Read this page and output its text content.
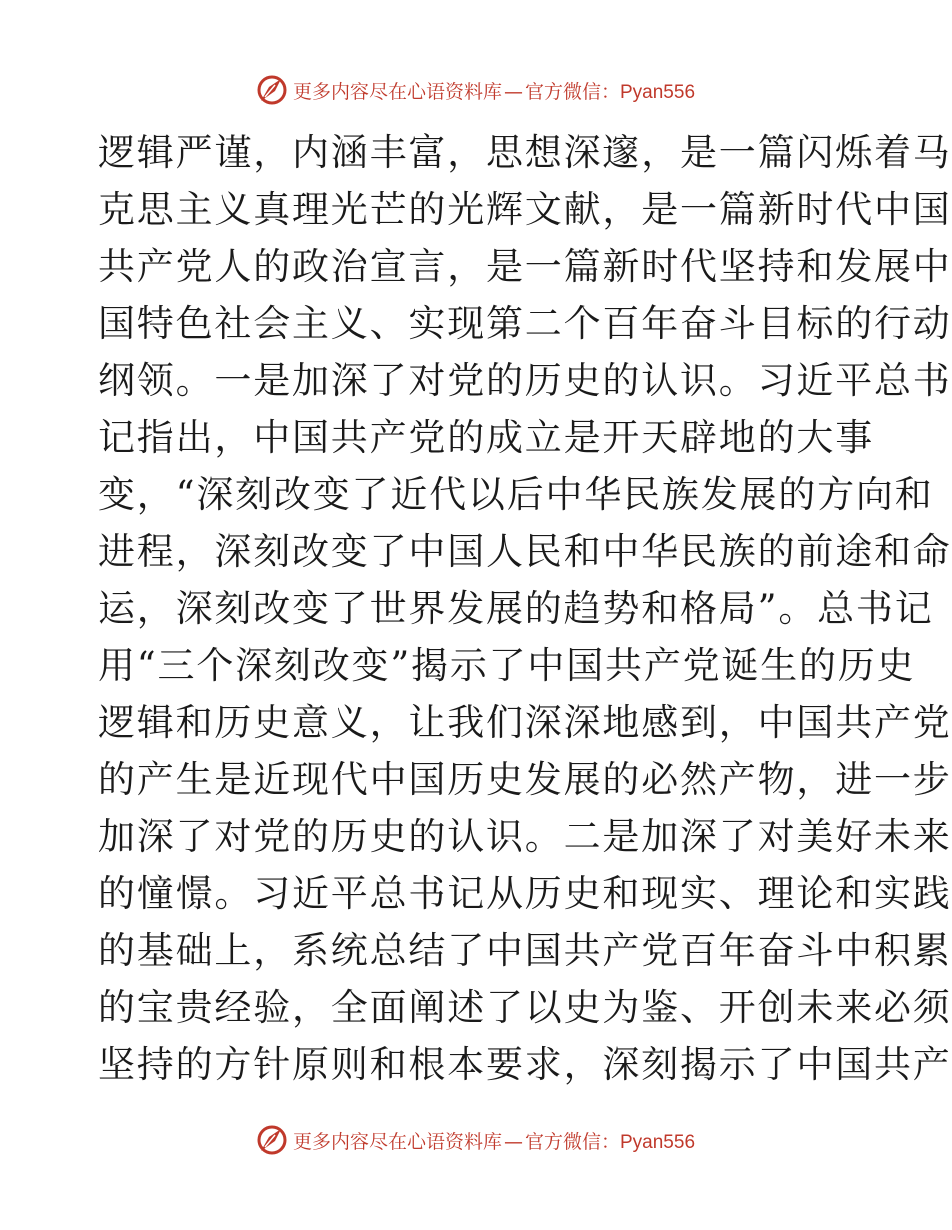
更多内容尽在心语资料库 — 官方微信：Pyan556
逻辑严谨，内涵丰富，思想深邃，是一篇闪烁着马
克思主义真理光芒的光辉文献，是一篇新时代中国
共产党人的政治宣言，是一篇新时代坚持和发展中
国特色社会主义、实现第二个百年奋斗目标的行动
纲领。一是加深了对党的历史的认识。习近平总书
记指出，中国共产党的成立是开天辟地的大事
变，“深刻改变了近代以后中华民族发展的方向和
进程，深刻改变了中国人民和中华民族的前途和命
运，深刻改变了世界发展的趋势和格局”。总书记
用“三个深刻改变”揭示了中国共产党诞生的历史
逻辑和历史意义，让我们深深地感到，中国共产党
的产生是近现代中国历史发展的必然产物，进一步
加深了对党的历史的认识。二是加深了对美好未来
的憧憬。习近平总书记从历史和现实、理论和实践
的基础上，系统总结了中国共产党百年奋斗中积累
的宝贵经验，全面阐述了以史为鉴、开创未来必须
坚持的方针原则和根本要求，深刻揭示了中国共产
更多内容尽在心语资料库 — 官方微信：Pyan556
